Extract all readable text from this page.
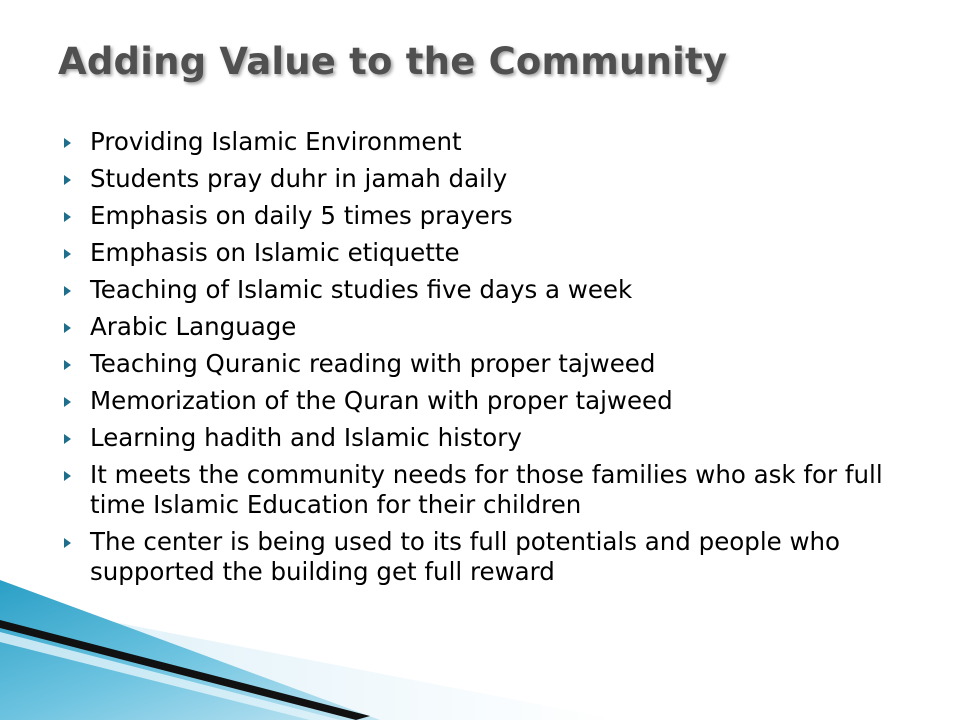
Adding Value to the Community
Providing Islamic Environment
Students pray duhr in jamah daily
Emphasis on daily 5 times prayers
Emphasis on Islamic etiquette
Teaching of Islamic studies five days a week
Arabic Language
Teaching Quranic reading with proper tajweed
Memorization of the Quran with proper tajweed
Learning hadith and Islamic history
It meets the community needs for those families who ask for full time Islamic Education for their children
The center is being used to its full potentials and people who supported the building get full reward
